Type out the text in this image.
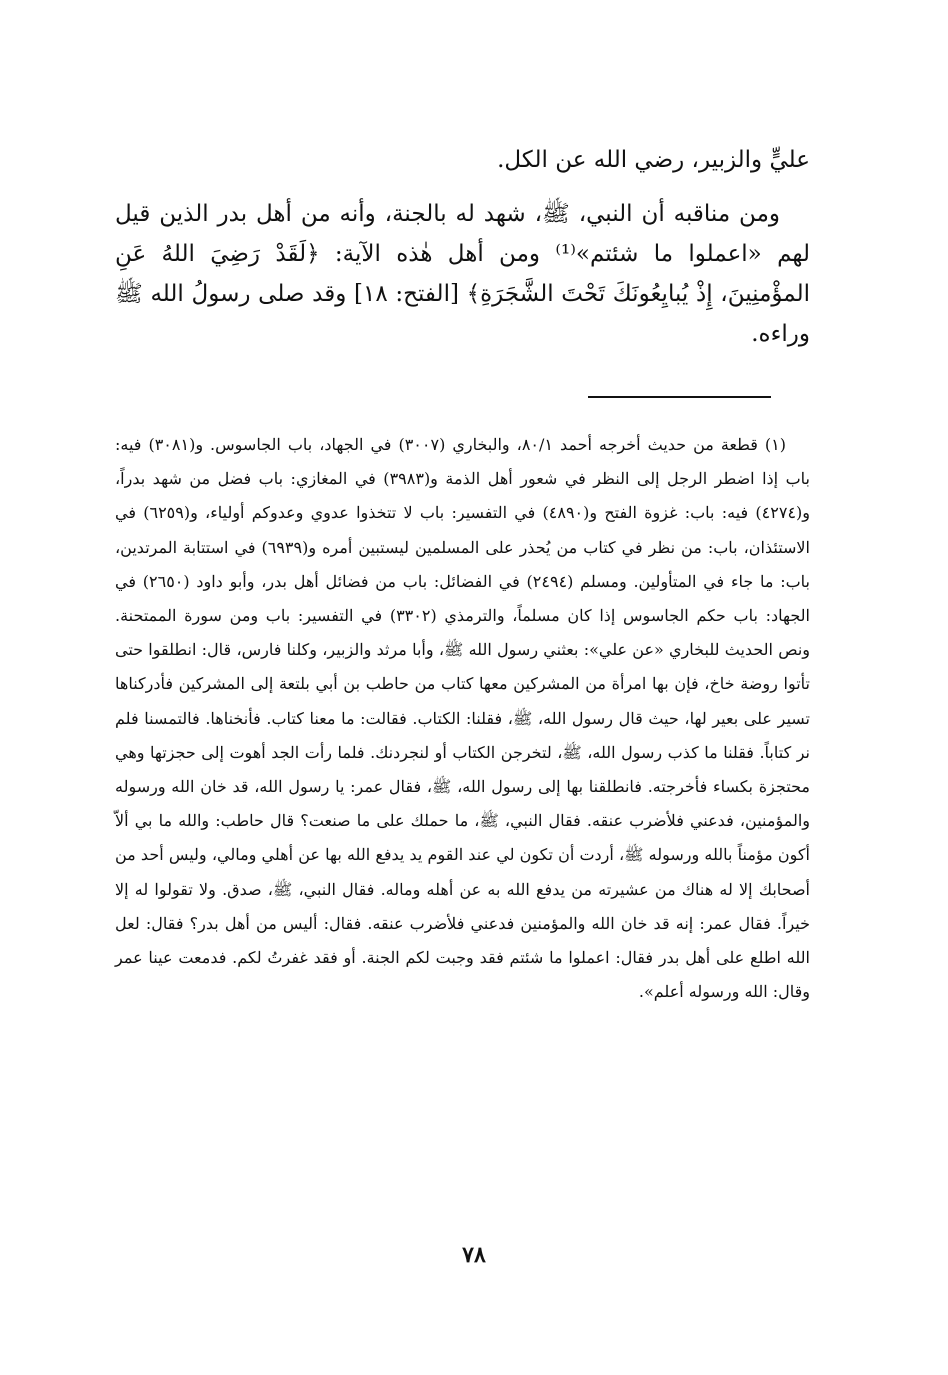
عليٍّ والزبير، رضي الله عن الكل.

ومن مناقبه أن النبي، ﷺ، شهد له بالجنة، وأنه من أهل بدر الذين قيل لهم «اعملوا ما شئتم»⁽¹⁾ ومن أهل هٰذه الآية: ﴿لَقَدْ رَضِيَ اللهُ عَنِ المؤْمنِينَ، إِذْ يُبايِعُونَكَ تَحْتَ الشَّجَرَةِ﴾ [الفتح: ١٨] وقد صلى رسولُ الله ﷺ وراءه.

(١) قطعة من حديث أخرجه أحمد ٨٠/١، والبخاري (٣٠٠٧) في الجهاد، باب الجاسوس. و(٣٠٨١) فيه: باب إذا اضطر الرجل إلى النظر في شعور أهل الذمة و(٣٩٨٣) في المغازي: باب فضل من شهد بدراً، و(٤٢٧٤) فيه: باب: غزوة الفتح و(٤٨٩٠) في التفسير: باب لا تتخذوا عدوي وعدوكم أولياء، و(٦٢٥٩) في الاستئذان، باب: من نظر في كتاب من يُحذر على المسلمين ليستبين أمره و(٦٩٣٩) في استتابة المرتدين، باب: ما جاء في المتأولين. ومسلم (٢٤٩٤) في الفضائل: باب من فضائل أهل بدر، وأبو داود (٢٦٥٠) في الجهاد: باب حكم الجاسوس إذا كان مسلماً، والترمذي (٣٣٠٢) في التفسير: باب ومن سورة الممتحنة. ونص الحديث للبخاري «عن علي»: بعثني رسول الله ﷺ، وأبا مرثد والزبير، وكلنا فارس، قال: انطلقوا حتى تأتوا روضة خاخ، فإن بها امرأة من المشركين معها كتاب من حاطب بن أبي بلتعة إلى المشركين فأدركناها تسير على بعير لها، حيث قال رسول الله، ﷺ، فقلنا: الكتاب. فقالت: ما معنا كتاب. فأنخناها. فالتمسنا فلم نر كتاباً. فقلنا ما كذب رسول الله، ﷺ، لتخرجن الكتاب أو لنجردنك. فلما رأت الجد أهوت إلى حجزتها وهي محتجزة بكساء فأخرجته. فانطلقنا بها إلى رسول الله، ﷺ، فقال عمر: يا رسول الله، قد خان الله ورسوله والمؤمنين، فدعني فلأضرب عنقه. فقال النبي، ﷺ، ما حملك على ما صنعت؟ قال حاطب: والله ما بي ألاّ أكون مؤمناً بالله ورسوله ﷺ، أردت أن تكون لي عند القوم يد يدفع الله بها عن أهلي ومالي، وليس أحد من أصحابك إلا له هناك من عشيرته من يدفع الله به عن أهله وماله. فقال النبي، ﷺ، صدق. ولا تقولوا له إلا خيراً. فقال عمر: إنه قد خان الله والمؤمنين فدعني فلأضرب عنقه. فقال: أليس من أهل بدر؟ فقال: لعل الله اطلع على أهل بدر فقال: اعملوا ما شئتم فقد وجبت لكم الجنة. أو فقد غفرتُ لكم. فدمعت عينا عمر وقال: الله ورسوله أعلم».

٧٨
